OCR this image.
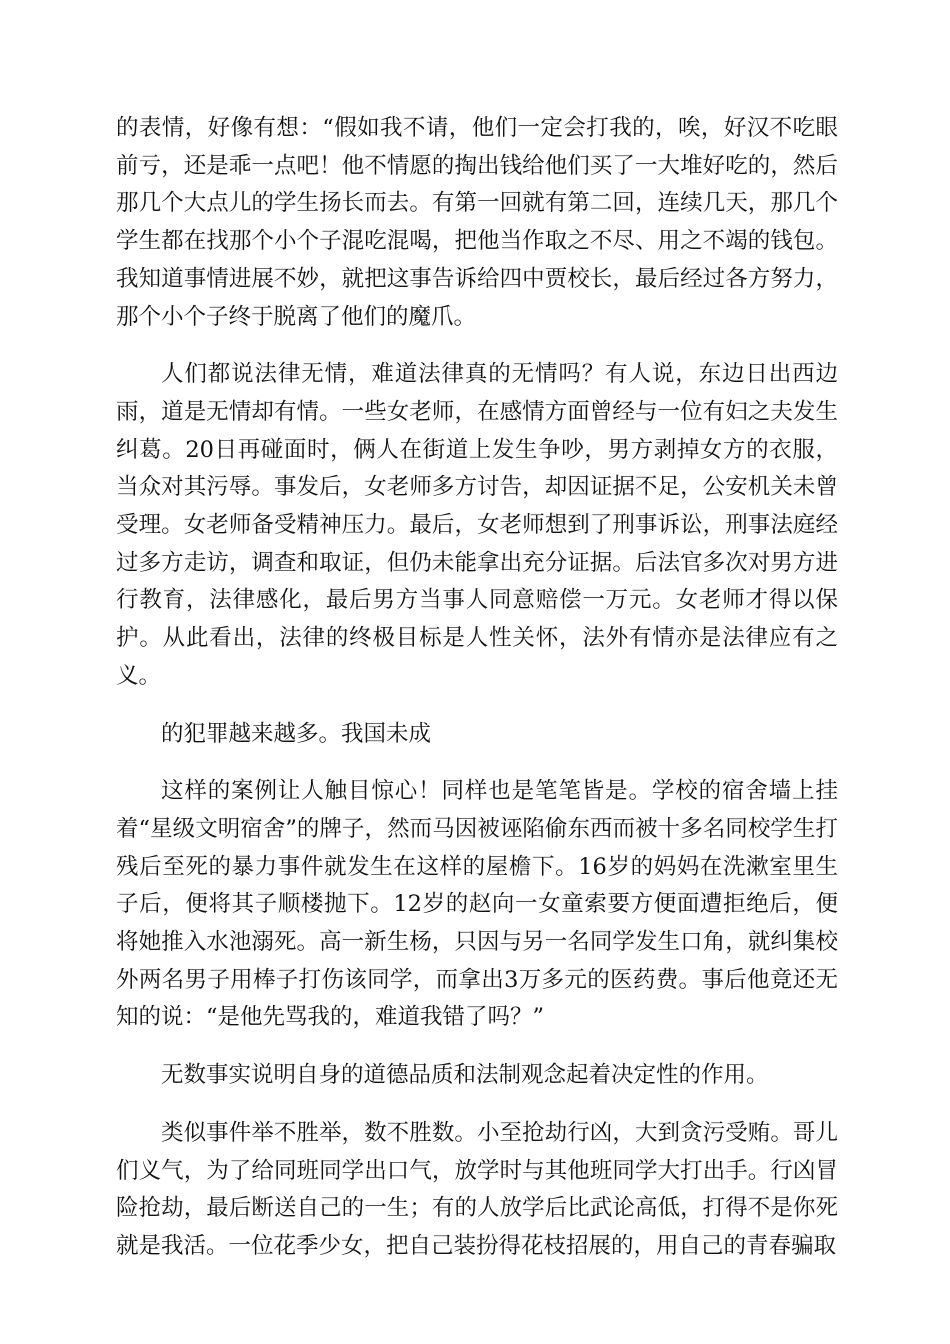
的表情，好像有想：“假如我不请，他们一定会打我的，唉，好汉不吃眼前亏，还是乖一点吧！他不情愿的掏出钱给他们买了一大堆好吃的，然后那几个大点儿的学生扬长而去。有第一回就有第二回，连续几天，那几个学生都在找那个小个子混吃混喝，把他当作取之不尽、用之不竭的钱包。我知道事情进展不妙，就把这事告诉给四中贾校长，最后经过各方努力，那个小个子终于脱离了他们的魔爪。

人们都说法律无情，难道法律真的无情吗？有人说，东边日出西边雨，道是无情却有情。一些女老师，在感情方面曾经与一位有妇之夫发生纠葛。20日再碰面时，俩人在街道上发生争吵，男方剥掉女方的衣服，当众对其污辱。事发后，女老师多方讨告，却因证据不足，公安机关未曾受理。女老师备受精神压力。最后，女老师想到了刑事诉讼，刑事法庭经过多方走访，调查和取证，但仍未能拿出充分证据。后法官多次对男方进行教育，法律感化，最后男方当事人同意赔偿一万元。女老师才得以保护。从此看出，法律的终极目标是人性关怀，法外有情亦是法律应有之义。

的犯罪越来越多。我国未成

这样的案例让人触目惊心！同样也是笔笔皆是。学校的宿舍墙上挂着“星级文明宿舍”的牌子，然而马因被诬陷偷东西而被十多名同校学生打残后至死的暴力事件就发生在这样的屋檐下。16岁的妈妈在洗漱室里生子后，便将其子顺楼抛下。12岁的赵向一女童索要方便面遭拒绝后，便将她推入水池溺死。高一新生杨，只因与另一名同学发生口角，就纠集校外两名男子用棒子打伤该同学，而拿出3万多元的医药费。事后他竟还无知的说：“是他先骂我的，难道我错了吗？”

无数事实说明自身的道德品质和法制观念起着决定性的作用。

类似事件举不胜举，数不胜数。小至抢劫行凶，大到贪污受贿。哥儿们义气，为了给同班同学出口气，放学时与其他班同学大打出手。行凶冒险抢劫，最后断送自己的一生；有的人放学后比武论高低，打得不是你死就是我活。一位花季少女，把自己装扮得花枝招展的，用自己的青春骗取
